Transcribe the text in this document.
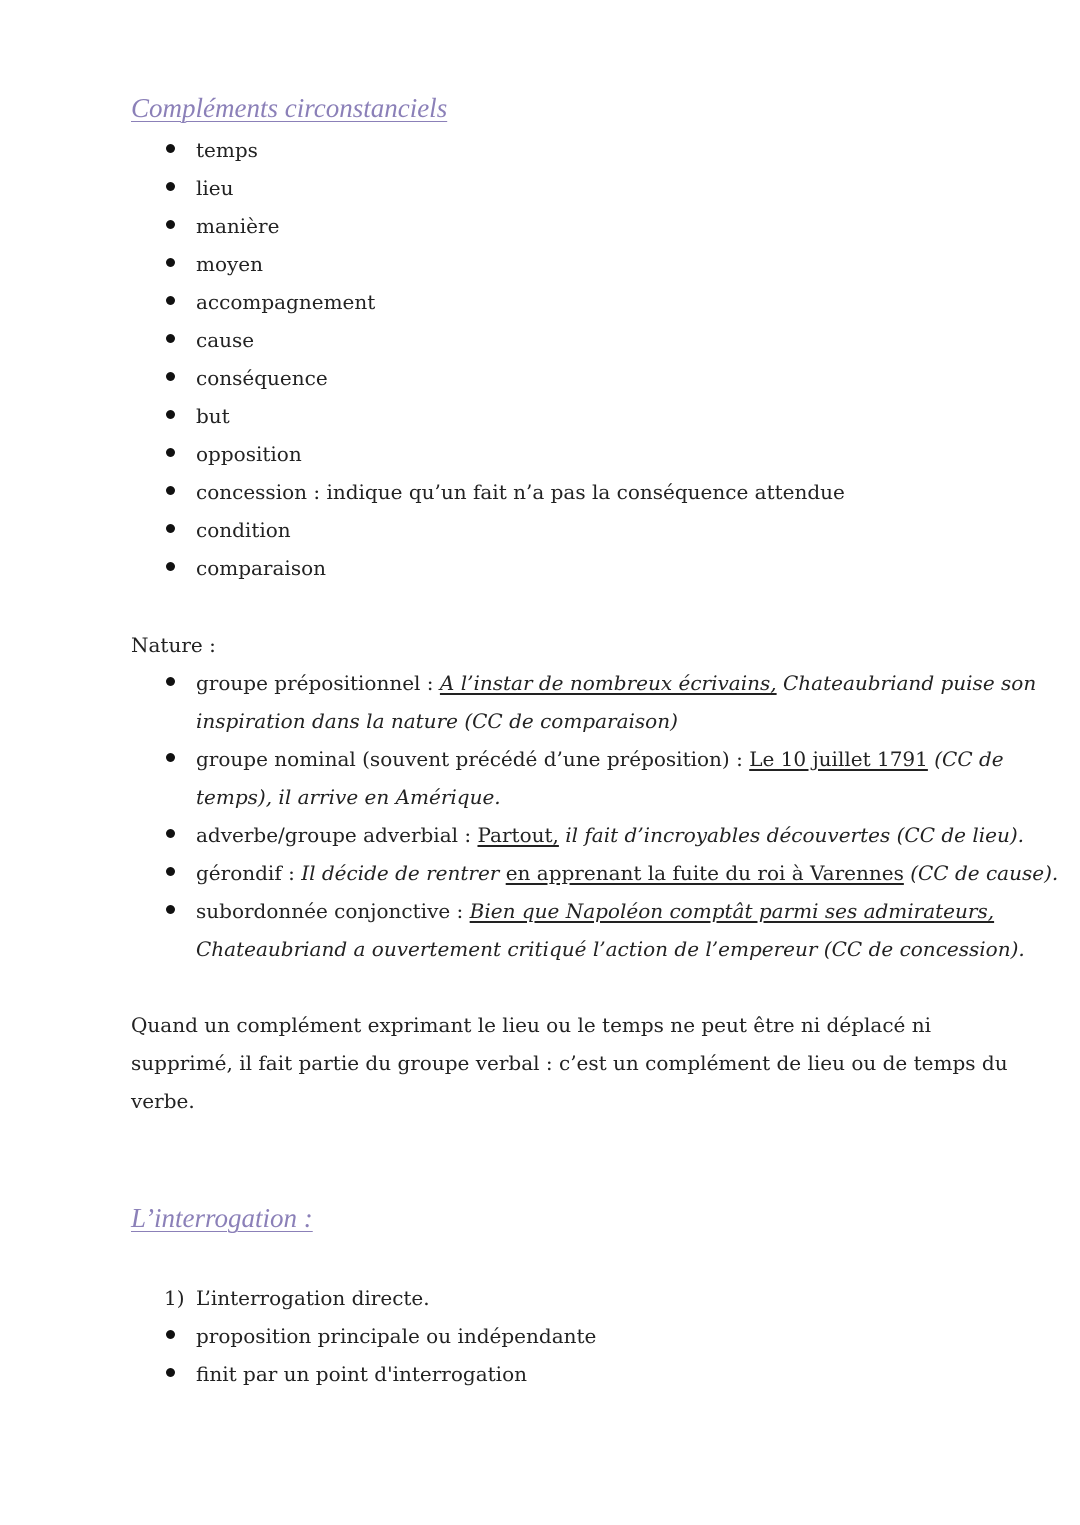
Compléments circonstanciels
temps
lieu
manière
moyen
accompagnement
cause
conséquence
but
opposition
concession : indique qu’un fait n’a pas la conséquence attendue
condition
comparaison

Nature :

groupe prépositionnel : A l’instar de nombreux écrivains, Chateaubriand puise son
inspiration dans la nature (CC de comparaison)
groupe nominal (souvent précédé d’une préposition) : Le 10 juillet 1791 (CC de
temps), il arrive en Amérique.
adverbe/groupe adverbial : Partout, il fait d’incroyables découvertes (CC de lieu).
gérondif : Il décide de rentrer en apprenant la fuite du roi à Varennes (CC de cause).
subordonnée conjonctive : Bien que Napoléon comptât parmi ses admirateurs,
Chateaubriand a ouvertement critiqué l’action de l’empereur (CC de concession).

Quand un complément exprimant le lieu ou le temps ne peut être ni déplacé ni
supprimé, il fait partie du groupe verbal : c’est un complément de lieu ou de temps du
verbe.

L’interrogation :
1) L’interrogation directe.
proposition principale ou indépendante
finit par un point d'interrogation
